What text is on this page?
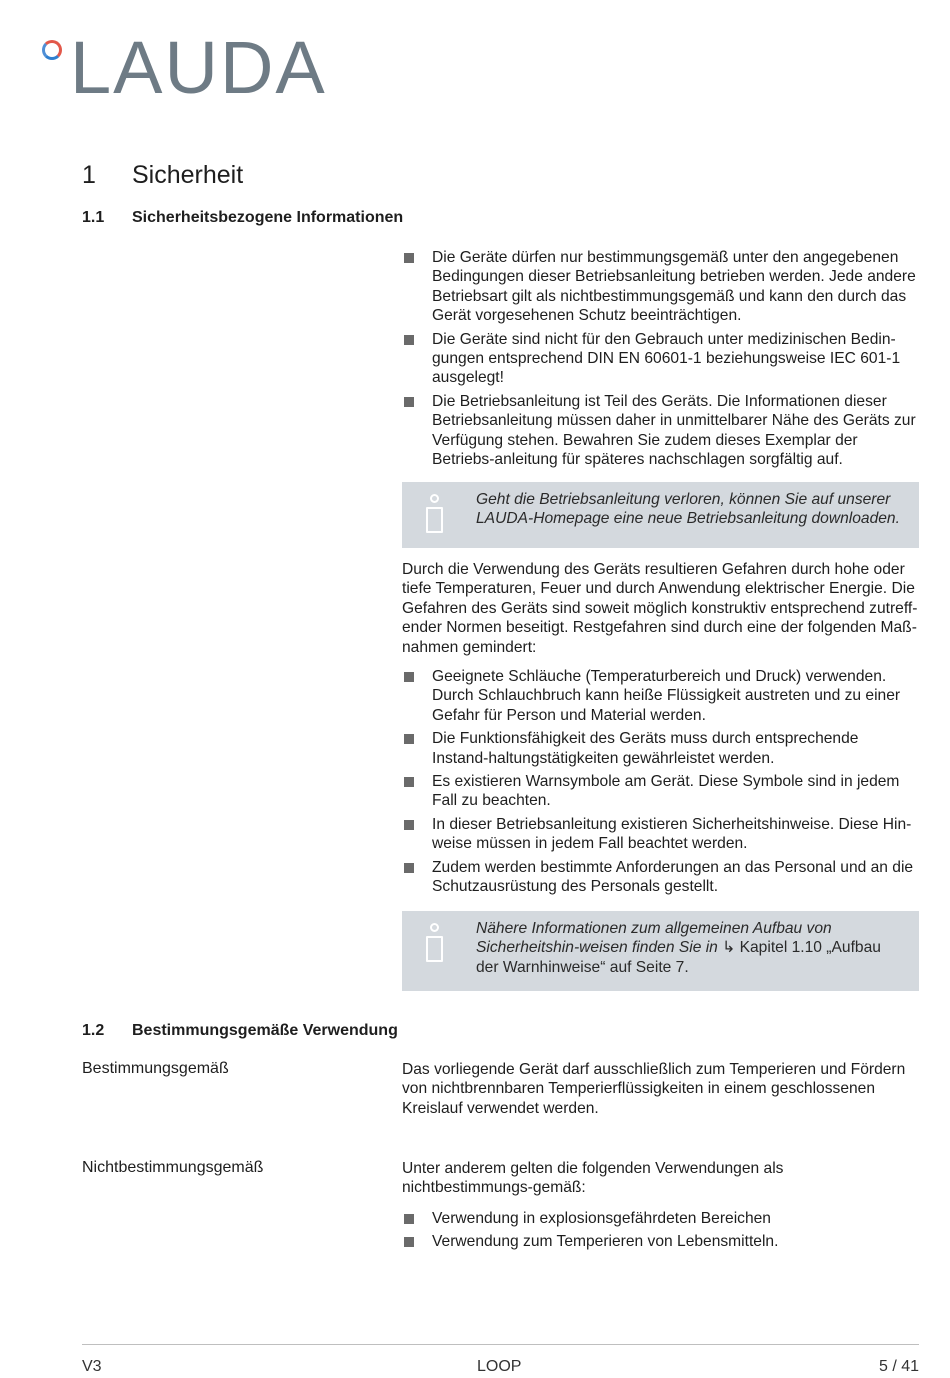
LAUDA
1 Sicherheit
1.1 Sicherheitsbezogene Informationen
Die Geräte dürfen nur bestimmungsgemäß unter den angegebenen Bedingungen dieser Betriebsanleitung betrieben werden. Jede andere Betriebsart gilt als nichtbestimmungsgemäß und kann den durch das Gerät vorgesehenen Schutz beeinträchtigen.
Die Geräte sind nicht für den Gebrauch unter medizinischen Bedin-gungen entsprechend DIN EN 60601-1 beziehungsweise IEC 601-1 ausgelegt!
Die Betriebsanleitung ist Teil des Geräts. Die Informationen dieser Betriebsanleitung müssen daher in unmittelbarer Nähe des Geräts zur Verfügung stehen. Bewahren Sie zudem dieses Exemplar der Betriebs-anleitung für späteres nachschlagen sorgfältig auf.
Geht die Betriebsanleitung verloren, können Sie auf unserer LAUDA-Homepage eine neue Betriebsanleitung downloaden.
Durch die Verwendung des Geräts resultieren Gefahren durch hohe oder tiefe Temperaturen, Feuer und durch Anwendung elektrischer Energie. Die Gefahren des Geräts sind soweit möglich konstruktiv entsprechend zutreff-ender Normen beseitigt. Restgefahren sind durch eine der folgenden Maß-nahmen gemindert:
Geeignete Schläuche (Temperaturbereich und Druck) verwenden. Durch Schlauchbruch kann heiße Flüssigkeit austreten und zu einer Gefahr für Person und Material werden.
Die Funktionsfähigkeit des Geräts muss durch entsprechende Instand-haltungstätigkeiten gewährleistet werden.
Es existieren Warnsymbole am Gerät. Diese Symbole sind in jedem Fall zu beachten.
In dieser Betriebsanleitung existieren Sicherheitshinweise. Diese Hin-weise müssen in jedem Fall beachtet werden.
Zudem werden bestimmte Anforderungen an das Personal und an die Schutzausrüstung des Personals gestellt.
Nähere Informationen zum allgemeinen Aufbau von Sicherheitshin-weisen finden Sie in ↳ Kapitel 1.10 „Aufbau der Warnhinweise“ auf Seite 7.
1.2 Bestimmungsgemäße Verwendung
Bestimmungsgemäß	Das vorliegende Gerät darf ausschließlich zum Temperieren und Fördern von nichtbrennbaren Temperierflüssigkeiten in einem geschlossenen Kreislauf verwendet werden.
Nichtbestimmungsgemäß	Unter anderem gelten die folgenden Verwendungen als nichtbestimmungs-gemäß:
Verwendung in explosionsgefährdeten Bereichen
Verwendung zum Temperieren von Lebensmitteln.
V3	LOOP	5 / 41
